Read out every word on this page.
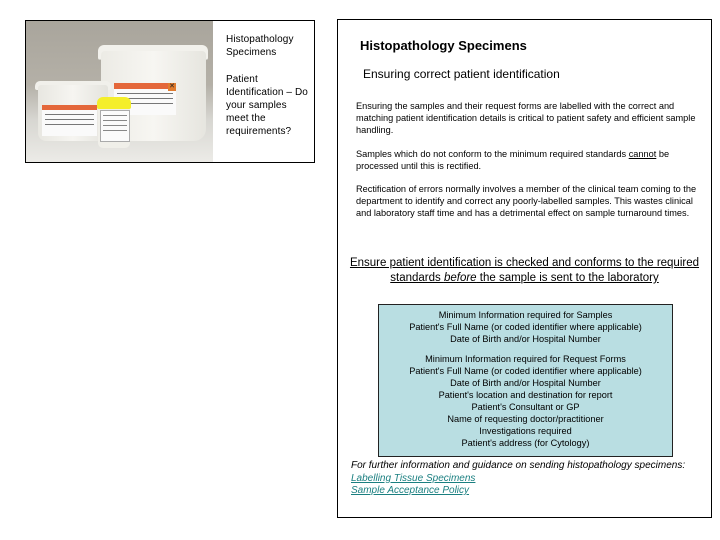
✕

Histopathology Specimens

Patient Identification – Do your samples meet the requirements?

Histopathology Specimens
Ensuring correct patient identification
Ensuring the samples and their request forms are labelled with the correct and matching patient identification details is critical to patient safety and efficient sample handling.
Samples which do not conform to the minimum required standards cannot be processed until this is rectified.
Rectification of errors normally involves a member of the clinical team coming to the department to identify and correct any poorly-labelled samples. This wastes clinical and laboratory staff time and has a detrimental effect on sample turnaround times.
Ensure patient identification is checked and conforms to the required standards before the sample is sent to the laboratory
Minimum Information required for Samples
Patient's Full Name (or coded identifier where applicable)
Date of Birth and/or Hospital Number
Minimum Information required for Request Forms
Patient's Full Name (or coded identifier where applicable)
Date of Birth and/or Hospital Number
Patient's location and destination for report
Patient's Consultant or GP
Name of requesting doctor/practitioner
Investigations required
Patient's address (for Cytology)
For further information and guidance on sending histopathology specimens:
Labelling Tissue Specimens
Sample Acceptance Policy
